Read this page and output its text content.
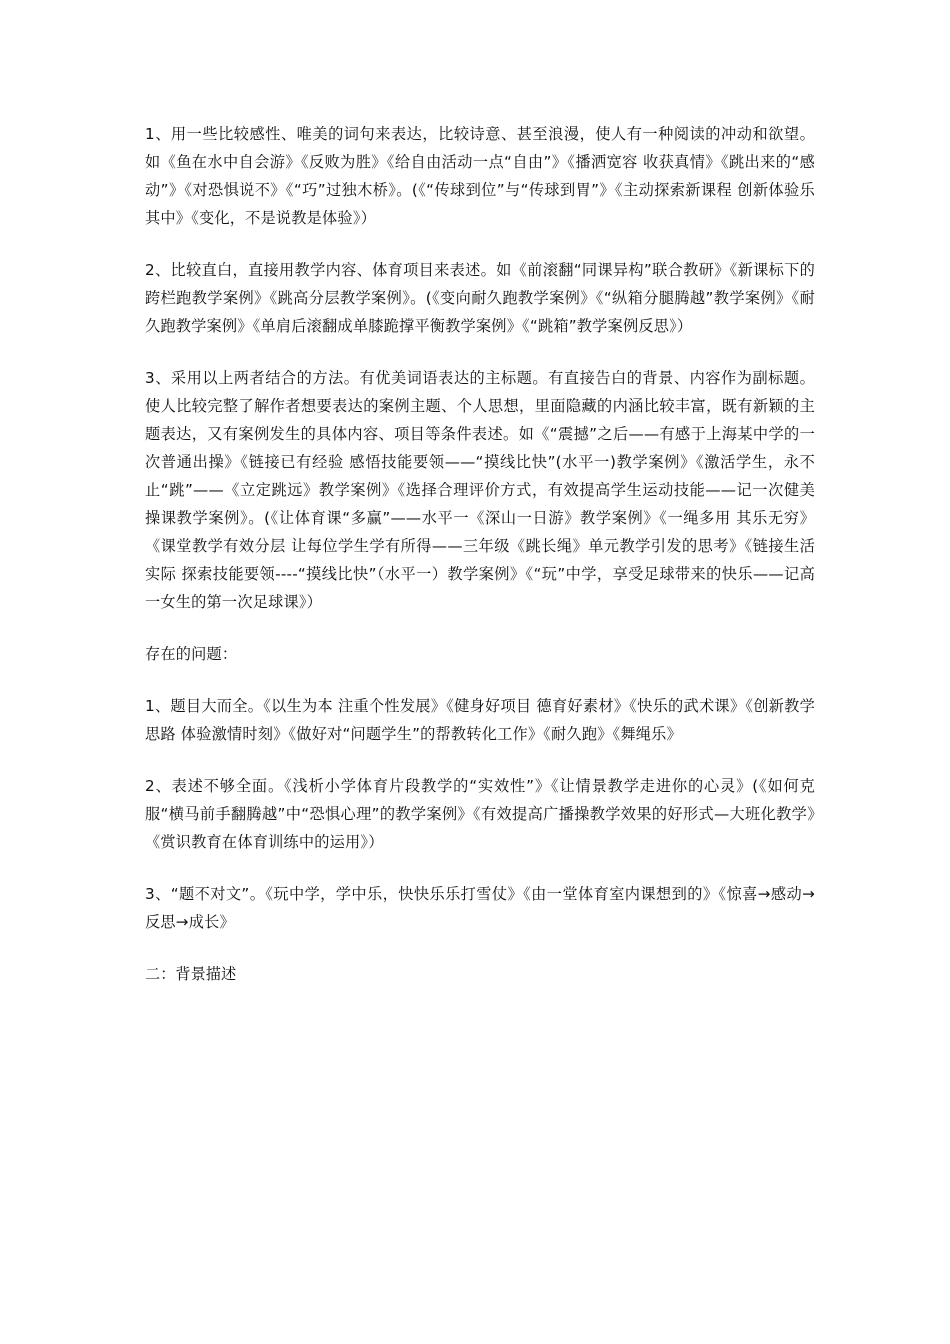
1、用一些比较感性、唯美的词句来表达，比较诗意、甚至浪漫，使人有一种阅读的冲动和欲望。如《鱼在水中自会游》《反败为胜》《给自由活动一点“自由”》《播洒宽容 收获真情》《跳出来的“感动”》《对恐惧说不》《“巧”过独木桥》。(《“传球到位”与“传球到胃”》《主动探索新课程 创新体验乐其中》《变化，不是说教是体验》）

2、比较直白，直接用教学内容、体育项目来表述。如《前滚翻“同课异构”联合教研》《新课标下的跨栏跑教学案例》《跳高分层教学案例》。(《变向耐久跑教学案例》《“纵箱分腿腾越”教学案例》《耐久跑教学案例》《单肩后滚翻成单膝跪撑平衡教学案例》《“跳箱”教学案例反思》）

3、采用以上两者结合的方法。有优美词语表达的主标题。有直接告白的背景、内容作为副标题。使人比较完整了解作者想要表达的案例主题、个人思想，里面隐藏的内涵比较丰富，既有新颖的主题表达，又有案例发生的具体内容、项目等条件表述。如《“震撼”之后——有感于上海某中学的一次普通出操》《链接已有经验 感悟技能要领——“摸线比快”(水平一)教学案例》《激活学生，永不止“跳”——《立定跳远》教学案例》《选择合理评价方式，有效提高学生运动技能——记一次健美操课教学案例》。(《让体育课“多赢”——水平一《深山一日游》教学案例》《一绳多用 其乐无穷》《课堂教学有效分层 让每位学生学有所得——三年级《跳长绳》单元教学引发的思考》《链接生活实际 探索技能要领----“摸线比快”（水平一）教学案例》《“玩”中学，享受足球带来的快乐——记高一女生的第一次足球课》）

存在的问题：

1、题目大而全。《以生为本 注重个性发展》《健身好项目 德育好素材》《快乐的武术课》《创新教学思路 体验激情时刻》《做好对“问题学生”的帮教转化工作》《耐久跑》《舞绳乐》

2、表述不够全面。《浅析小学体育片段教学的“实效性”》《让情景教学走进你的心灵》(《如何克服“横马前手翻腾越”中“恐惧心理”的教学案例》《有效提高广播操教学效果的好形式—大班化教学》《赏识教育在体育训练中的运用》）

3、“题不对文”。《玩中学，学中乐，快快乐乐打雪仗》《由一堂体育室内课想到的》《惊喜→感动→反思→成长》

二：背景描述
